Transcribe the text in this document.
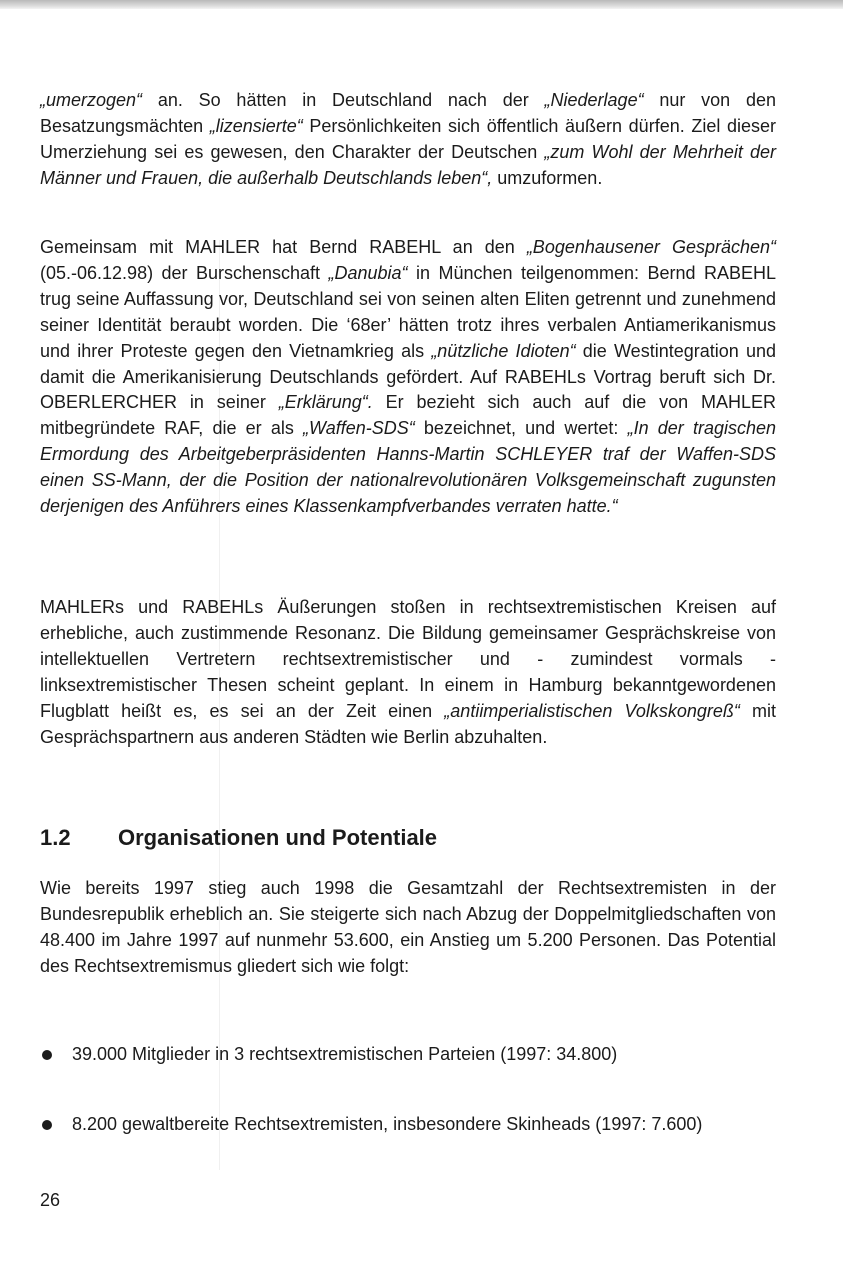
„umerzogen“ an. So hätten in Deutschland nach der „Niederlage“ nur von den Besatzungsmächten „lizensierte“ Persönlichkeiten sich öffentlich äußern dürfen. Ziel dieser Umerziehung sei es gewesen, den Charakter der Deutschen „zum Wohl der Mehrheit der Männer und Frauen, die außerhalb Deutschlands leben“, umzuformen.

Gemeinsam mit MAHLER hat Bernd RABEHL an den „Bogenhausener Gesprächen“ (05.-06.12.98) der Burschenschaft „Danubia“ in München teilgenommen: Bernd RABEHL trug seine Auffassung vor, Deutschland sei von seinen alten Eliten getrennt und zunehmend seiner Identität beraubt worden. Die ‘68er’ hätten trotz ihres verbalen Antiamerikanismus und ihrer Proteste gegen den Vietnamkrieg als „nützliche Idioten“ die Westintegration und damit die Amerikanisierung Deutschlands gefördert. Auf RABEHLs Vortrag beruft sich Dr. OBERLERCHER in seiner „Erklärung“. Er bezieht sich auch auf die von MAHLER mitbegründete RAF, die er als „Waffen-SDS“ bezeichnet, und wertet: „In der tragischen Ermordung des Arbeitgeberpräsidenten Hanns-Martin SCHLEYER traf der Waffen-SDS einen SS-Mann, der die Position der nationalrevolutionären Volksgemeinschaft zugunsten derjenigen des Anführers eines Klassenkampfverbandes verraten hatte.“

MAHLERs und RABEHLs Äußerungen stoßen in rechtsextremistischen Kreisen auf erhebliche, auch zustimmende Resonanz. Die Bildung gemeinsamer Gesprächskreise von intellektuellen Vertretern rechtsextremistischer und - zumindest vormals - linksextremistischer Thesen scheint geplant. In einem in Hamburg bekanntgewordenen Flugblatt heißt es, es sei an der Zeit einen „antiimperialistischen Volkskongreß“ mit Gesprächspartnern aus anderen Städten wie Berlin abzuhalten.

1.2 Organisationen und Potentiale

Wie bereits 1997 stieg auch 1998 die Gesamtzahl der Rechtsextremisten in der Bundesrepublik erheblich an. Sie steigerte sich nach Abzug der Doppelmitgliedschaften von 48.400 im Jahre 1997 auf nunmehr 53.600, ein Anstieg um 5.200 Personen. Das Potential des Rechtsextremismus gliedert sich wie folgt:

39.000 Mitglieder in 3 rechtsextremistischen Parteien (1997: 34.800)
8.200 gewaltbereite Rechtsextremisten, insbesondere Skinheads (1997: 7.600)
26
